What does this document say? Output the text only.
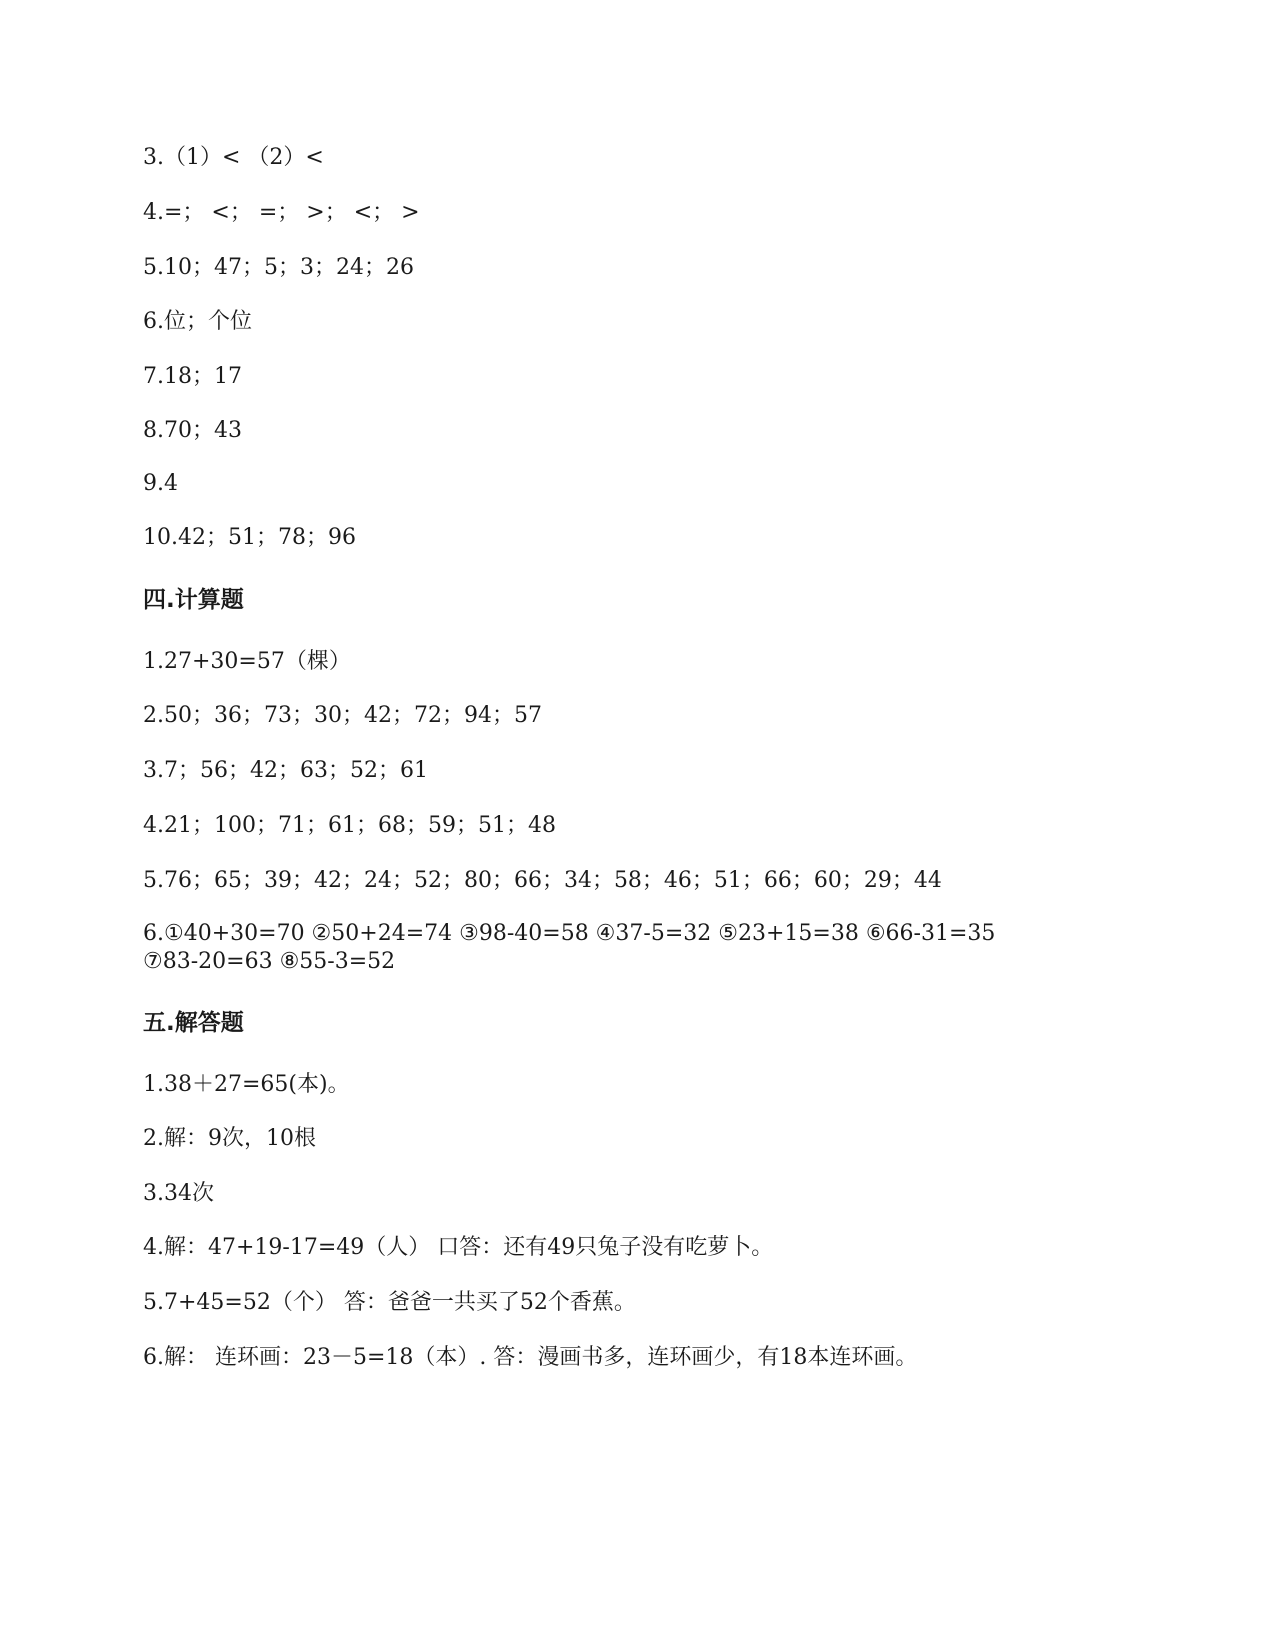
3.（1）< （2）<
4.=； <； =； >； <； >
5.10；47；5；3；24；26
6.位；个位
7.18；17
8.70；43
9.4
10.42；51；78；96
四.计算题
1.27+30=57（棵）
2.50；36；73；30；42；72；94；57
3.7；56；42；63；52；61
4.21；100；71；61；68；59；51；48
5.76；65；39；42；24；52；80；66；34；58；46；51；66；60；29；44
6.①40+30=70 ②50+24=74 ③98-40=58 ④37-5=32 ⑤23+15=38 ⑥66-31=35 ⑦83-20=63 ⑧55-3=52
五.解答题
1.38＋27=65(本)。
2.解：9次，10根
3.34次
4.解：47+19-17=49（人） 口答：还有49只兔子没有吃萝卜。
5.7+45=52（个） 答：爸爸一共买了52个香蕉。
6.解： 连环画：23－5=18（本）. 答：漫画书多，连环画少，有18本连环画。
